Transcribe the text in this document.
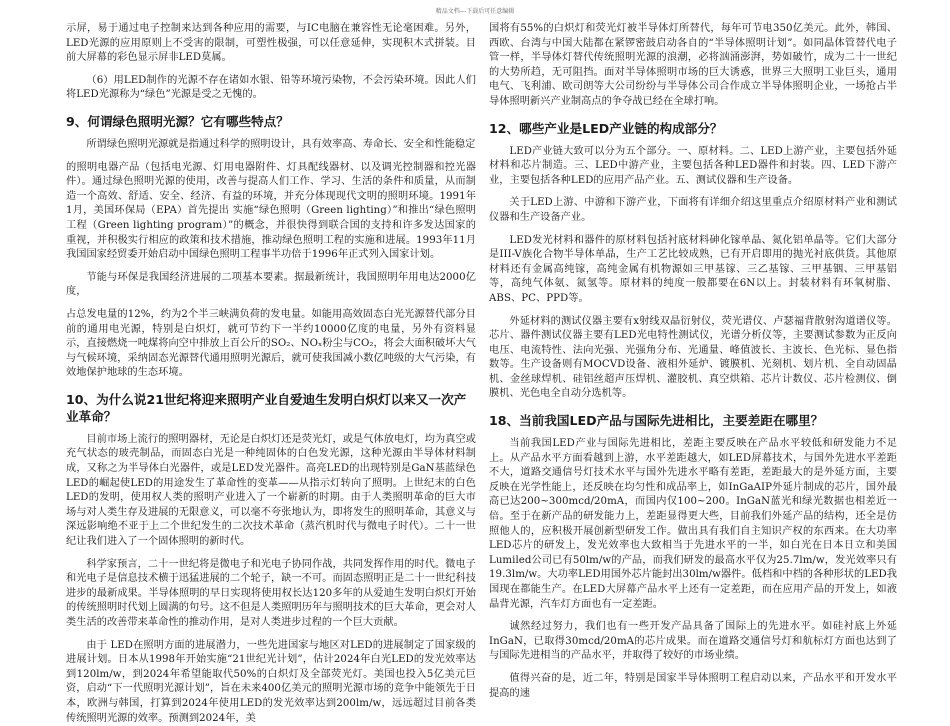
精品文档---下载后可任意编辑

示屏，易于通过电子控制来达到各种应用的需要，与IC电脑在兼容性无论毫困难。另外，LED光源的应用原则上不受害的限制，可塑性极强，可以任意延伸，实现积木式拼装。目前大屏幕的彩色显示屏非LED莫属。

（6）用LED制作的光源不存在诸如水银、铅等环境污染物，不会污染环境。因此人们将LED光源称为“绿色”光源是受之无愧的。

9、何谓绿色照明光源？它有哪些特点？

所谓绿色照明光源就是指通过科学的照明设计，具有效率高、寿命长、安全和性能稳定

的照明电器产品（包括电光源、灯用电器附件、灯具配线器材、以及调光控制器和控光器件）。通过绿色照明光源的使用，改善与提高人们工作、学习、生活的条件和质量，从而制造一个高效、舒适、安全、经济、有益的环境，并充分体现现代文明的照明环境。1991年1月，美国环保局（EPA）首先提出 实施“绿色照明（Green lighting）”和推出“绿色照明工程（Green lighting program）”的概念，并很快得到联合国的支持和许多发达国家的重视，并积极实行相应的政策和技术措施，推动绿色照明工程的实施和进展。1993年11月我国国家经贸委开始启动中国绿色照明工程事半功倍于1996年正式列入国家计划。

节能与环保是我国经济进展的二项基本要素。据最新统计，我国照明年用电达2000亿度，

占总发电量的12%，约为2个半三峡满负荷的发电量。如能用高效固态白光光源替代部分目前的通用电光源，特别是白炽灯，就可节约下一半约10000亿度的电量，另外有资料显示，直接燃烧一吨煤将向空中排放上百公斤的SO₂、NOₓ粉尘与CO₂，将会大面积破坏大气与气候环境，采纳固态光源替代通用照明光源后，就可使我国减小数亿吨级的大气污染，有效地保护地球的生态环境。

10、为什么说21世纪将迎来照明产业自爱迪生发明白炽灯以来又一次产业革命？

目前市场上流行的照明器材，无论是白炽灯还是荧光灯，或是气体放电灯，均为真空或充气状态的玻壳制品，而固态白光是一种纯固体的白色发光源，这种光源由半导体材料制成，又称之为半导体白光器件，或是LED发光器件。高亮LED的出现特别是GaN基蓝绿色LED的崛起使LED的用途发生了革命性的变革——从指示灯转向了照明。上世纪末的白色LED的发明，使用权人类的照明产业进入了一个崭新的时期。由于人类照明革命的巨大市场与对人类生存及进展的无限意义，可以毫不夸张地认为，即将发生的照明革命，其意义与深远影响绝不亚于上二个世纪发生的二次技术革命（蒸汽机时代与微电子时代）。二十一世纪让我们进入了一个固体照明的新时代。

科学家预言，二十一世纪将是微电子和光电子协同作战，共同发挥作用的时代。微电子和光电子是信息技术横于迅猛进展的二个轮子，缺一不可。而固态照明正是二十一世纪科技进步的最新成果。半导体照明的早日实现将使用权长达120多年的从爱迪生发明白炽灯开始的传统照明时代划上圆满的句号。这不但是人类照明历年与照明技术的巨大革命，更会对人类生活的改善带来革命性的推动作用，是对人类进步过程的一个巨大贡献。

由于 LED在照明方面的进展潜力，一些先进国家与地区对LED的进展制定了国家级的进展计划。日本从1998年开始实施“21世纪光计划”，估计2024年白光LED的发光效率达到120lm/w，到2024年希望能取代50%的白炽灯及全部荧光灯。美国也投入5亿美元巨资，启动“下一代照明光源计划”，旨在未来400亿美元的照明光源市场的竞争中能领先于日本，欧洲与韩国，打算到2024年使用LED的发光效率达到200lm/w，远远超过目前各类传统照明光源的效率。预测到2024年，美

国将有55%的白炽灯和荧光灯被半导体灯所替代，每年可节电350亿美元。此外，韩国、西欧、台湾与中国大陆都在紧锣密鼓启动各自的“半导体照明计划”。如同晶体管替代电子管一样，半导体灯替代传统照明光源的浪潮，必将汹涌澎湃，势如破竹，成为二十一世纪的大势所趋，无可阻挡。面对半导体照明市场的巨大诱惑，世界三大照明工业巨头，通用电气、飞利浦、欧司朗等大公司纷纷与半导体公司合作成立半导体照明企业，一场抢占半导体照明新兴产业制高点的争夺战已经在全球打响。

12、哪些产业是LED产业链的构成部分？

LED产业链大致可以分为五个部分。一、原材料。二、LED上游产业，主要包括外延材料和芯片制造。三、LED中游产业，主要包括各种LED器件和封装。四、LED下游产业，主要包括各种LED的应用产品产业。五、测试仪器和生产设备。

关于LED上游、中游和下游产业，下面将有详细介绍这里重点介绍原材料产业和测试仪器和生产设备产业。

LED发光材料和器件的原材料包括衬底材料砷化镓单晶、氮化铝单晶等。它们大部分是III-V族化合物半导体单晶，生产工艺比较成熟，已有开启即用的抛光衬底供货。其他原材料还有金属高纯镓，高纯金属有机物源如三甲基镓、三乙基镓、三甲基铟、三甲基铝等，高纯气体氨、氮氢等。原材料的纯度一般都要在6N以上。封装材料有环氧树脂、ABS、PC、PPD等。

外延材料的测试仪器主要有x射线双晶衍射仪，荧光谱仪、卢瑟福背散射沟道谱仪等。芯片、器件测试仪器主要有LED光电特性测试仪，光谱分析仪等，主要测试参数为正反向电压、电流特性、法向光强、光强角分布、光通量、峰值波长、主波长、色光标、显色指数等。生产设备则有MOCVD设备、液相外延炉、镀膜机、光刻机、划片机、全自动固晶机、金丝球焊机、硅铝丝超声压焊机、灌胶机、真空烘箱、芯片计数仪、芯片检测仪、倒膜机、光色电全自动分选机等。

18、当前我国LED产品与国际先进相比，主要差距在哪里？

当前我国LED产业与国际先进相比，差距主要反映在产品水平较低和研发能力不足上。从产品水平方面看越到上游，水平差距越大，如LED屏幕技术，与国外先进水平差距不大，道路交通信号灯技术水平与国外先进水平略有差距，差距最大的是外延方面，主要反映在光学性能上，还反映在均匀性和成品率上，如InGaAIP外延片制成的芯片，国外最高已达200~300mcd/20mA，而国内仅100~200。InGaN蓝光和绿光数据也相差近一倍。至于在新产品的研发能力上，差距显得更大些，目前我们外延产品的结构，还全是仿照他人的，应积极开展创新型研发工作。做出具有我们自主知识产权的东西来。在大功率LED芯片的研发上，发光效率也大致相当于先进水平的一半，如白光在日本日立和美国Lumiled公司已有50lm/w的产品，而我们研发的最高水平仅为25.7lm/w，发光效率只有19.3lm/w。大功率LED用国外芯片能封出30lm/w器件。低档和中档的各种形状的LED我国现在都能生产。在LED大屏幕产品水平上还有一定差距，而在应用产品的开发上，如液晶背光源，汽车灯方面也有一定差距。

诚然经过努力，我们也有一些开发产品具备了国际上的先进水平。如硅衬底上外延InGaN，已取得30mcd/20mA的芯片成果。而在道路交通信号灯和航标灯方面也达到了与国际先进相当的产品水平，并取得了较好的市场业绩。

值得兴奋的是，近二年，特别是国家半导体照明工程启动以来，产品水平和开发水平提高的速
